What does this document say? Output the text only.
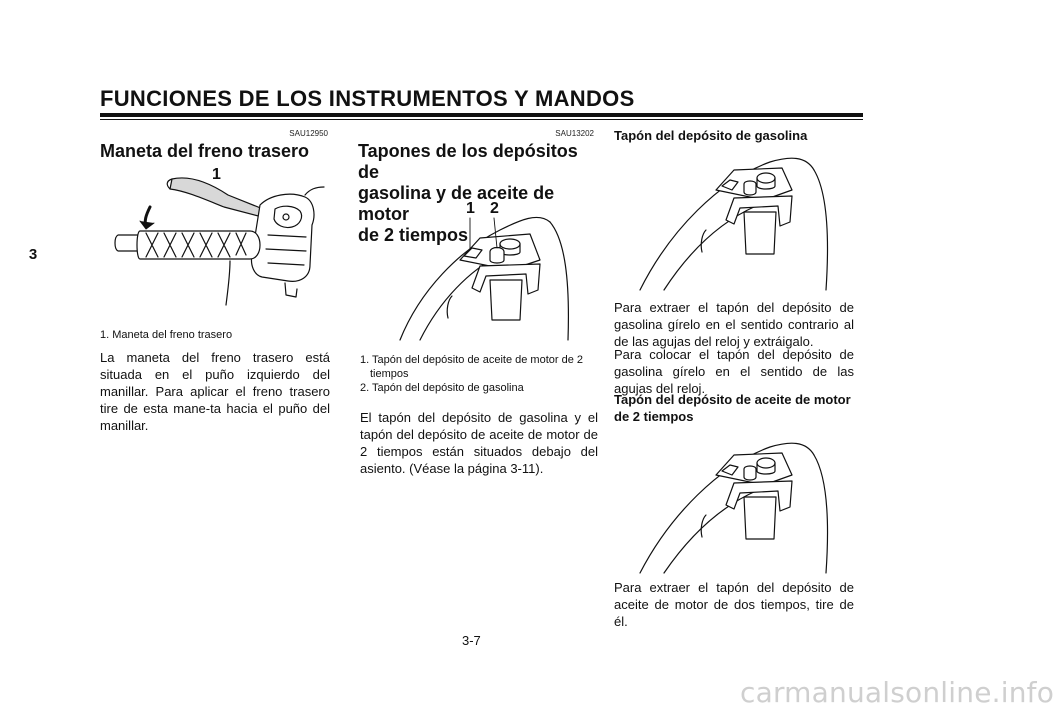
FUNCIONES DE LOS INSTRUMENTOS Y MANDOS
3
SAU12950
Maneta del freno trasero
1
1. Maneta del freno trasero
La maneta del freno trasero está situada en el puño izquierdo del manillar. Para aplicar el freno trasero tire de esta mane-ta hacia el puño del manillar.
SAU13202
Tapones de los depósitos de
gasolina y de aceite de motor
de 2 tiempos
1 2
1. Tapón del depósito de aceite de motor de 2
tiempos
2. Tapón del depósito de gasolina
El tapón del depósito de gasolina y el tapón del depósito de aceite de motor de 2 tiempos están situados debajo del asiento. (Véase la página 3-11).
Tapón del depósito de gasolina
Para extraer el tapón del depósito de gasolina gírelo en el sentido contrario al de las agujas del reloj y extráigalo.
Para colocar el tapón del depósito de gasolina gírelo en el sentido de las agujas del reloj.
Tapón del depósito de aceite de motor
de 2 tiempos
Para extraer el tapón del depósito de aceite de motor de dos tiempos, tire de él.
3-7
carmanualsonline.info
